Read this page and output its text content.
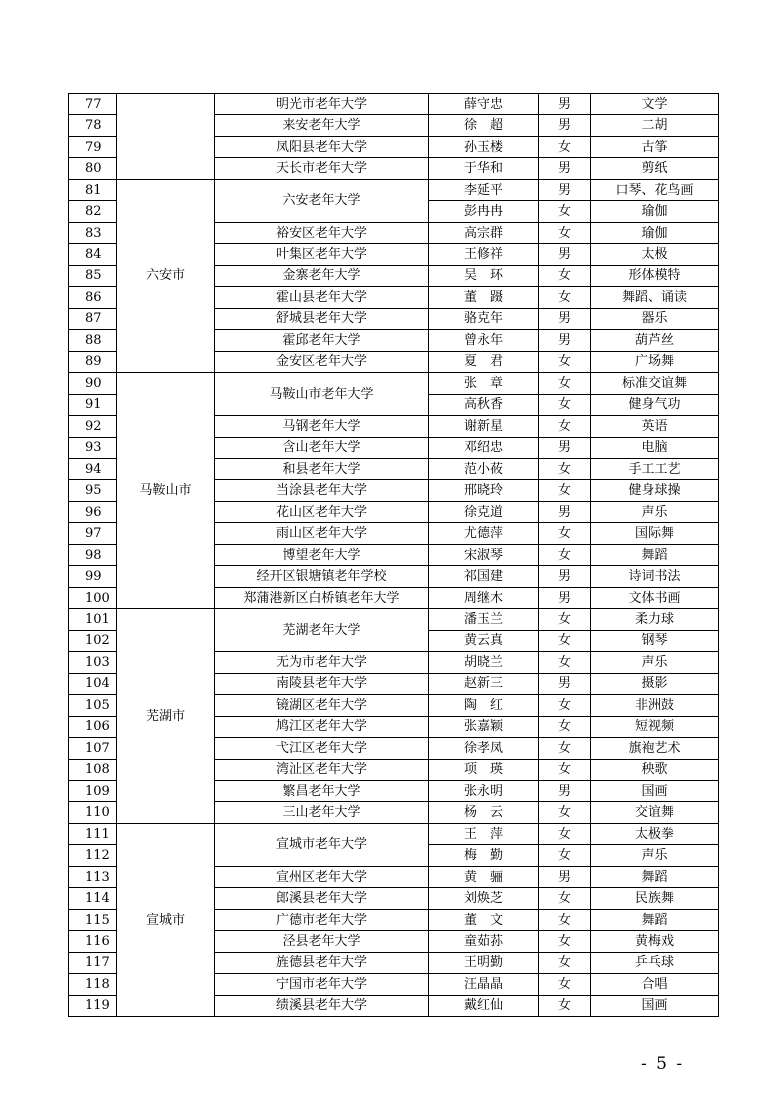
77		明光市老年大学	薛守忠	男	文学
78		来安老年大学	徐　超	男	二胡
79		凤阳县老年大学	孙玉楼	女	古筝
80		天长市老年大学	于华和	男	剪纸
81	六安市	六安老年大学	李延平	男	口琴、花鸟画
82			彭冉冉	女	瑜伽
83		裕安区老年大学	高宗群	女	瑜伽
84		叶集区老年大学	王修祥	男	太极
85		金寨老年大学	吴　环	女	形体模特
86		霍山县老年大学	董　蹑	女	舞蹈、诵读
87		舒城县老年大学	骆克年	男	器乐
88		霍邱老年大学	曾永年	男	葫芦丝
89		金安区老年大学	夏　君	女	广场舞
90	马鞍山市	马鞍山市老年大学	张　章	女	标准交谊舞
91			高秋香	女	健身气功
92		马钢老年大学	谢新星	女	英语
93		含山老年大学	邓绍忠	男	电脑
94		和县老年大学	范小莜	女	手工工艺
95		当涂县老年大学	邢晓玲	女	健身球操
96		花山区老年大学	徐克道	男	声乐
97		雨山区老年大学	尤德萍	女	国际舞
98		博望老年大学	宋淑琴	女	舞蹈
99		经开区银塘镇老年学校	祁国建	男	诗词书法
100		郑蒲港新区白桥镇老年大学	周继木	男	文体书画
101	芜湖市	芜湖老年大学	潘玉兰	女	柔力球
102			黄云真	女	钢琴
103		无为市老年大学	胡晓兰	女	声乐
104		南陵县老年大学	赵新三	男	摄影
105		镜湖区老年大学	陶　红	女	非洲鼓
106		鸠江区老年大学	张嘉颖	女	短视频
107		弋江区老年大学	徐孝凤	女	旗袍艺术
108		湾沚区老年大学	项　瑛	女	秧歌
109		繁昌老年大学	张永明	男	国画
110		三山老年大学	杨　云	女	交谊舞
111	宣城市	宣城市老年大学	王　萍	女	太极拳
112			梅　勤	女	声乐
113		宣州区老年大学	黄　骊	男	舞蹈
114		郎溪县老年大学	刘焕芝	女	民族舞
115		广德市老年大学	董　文	女	舞蹈
116		泾县老年大学	童茹荪	女	黄梅戏
117		旌德县老年大学	王明勤	女	乒乓球
118		宁国市老年大学	汪晶晶	女	合唱
119		绩溪县老年大学	戴红仙	女	国画
- 5 -
